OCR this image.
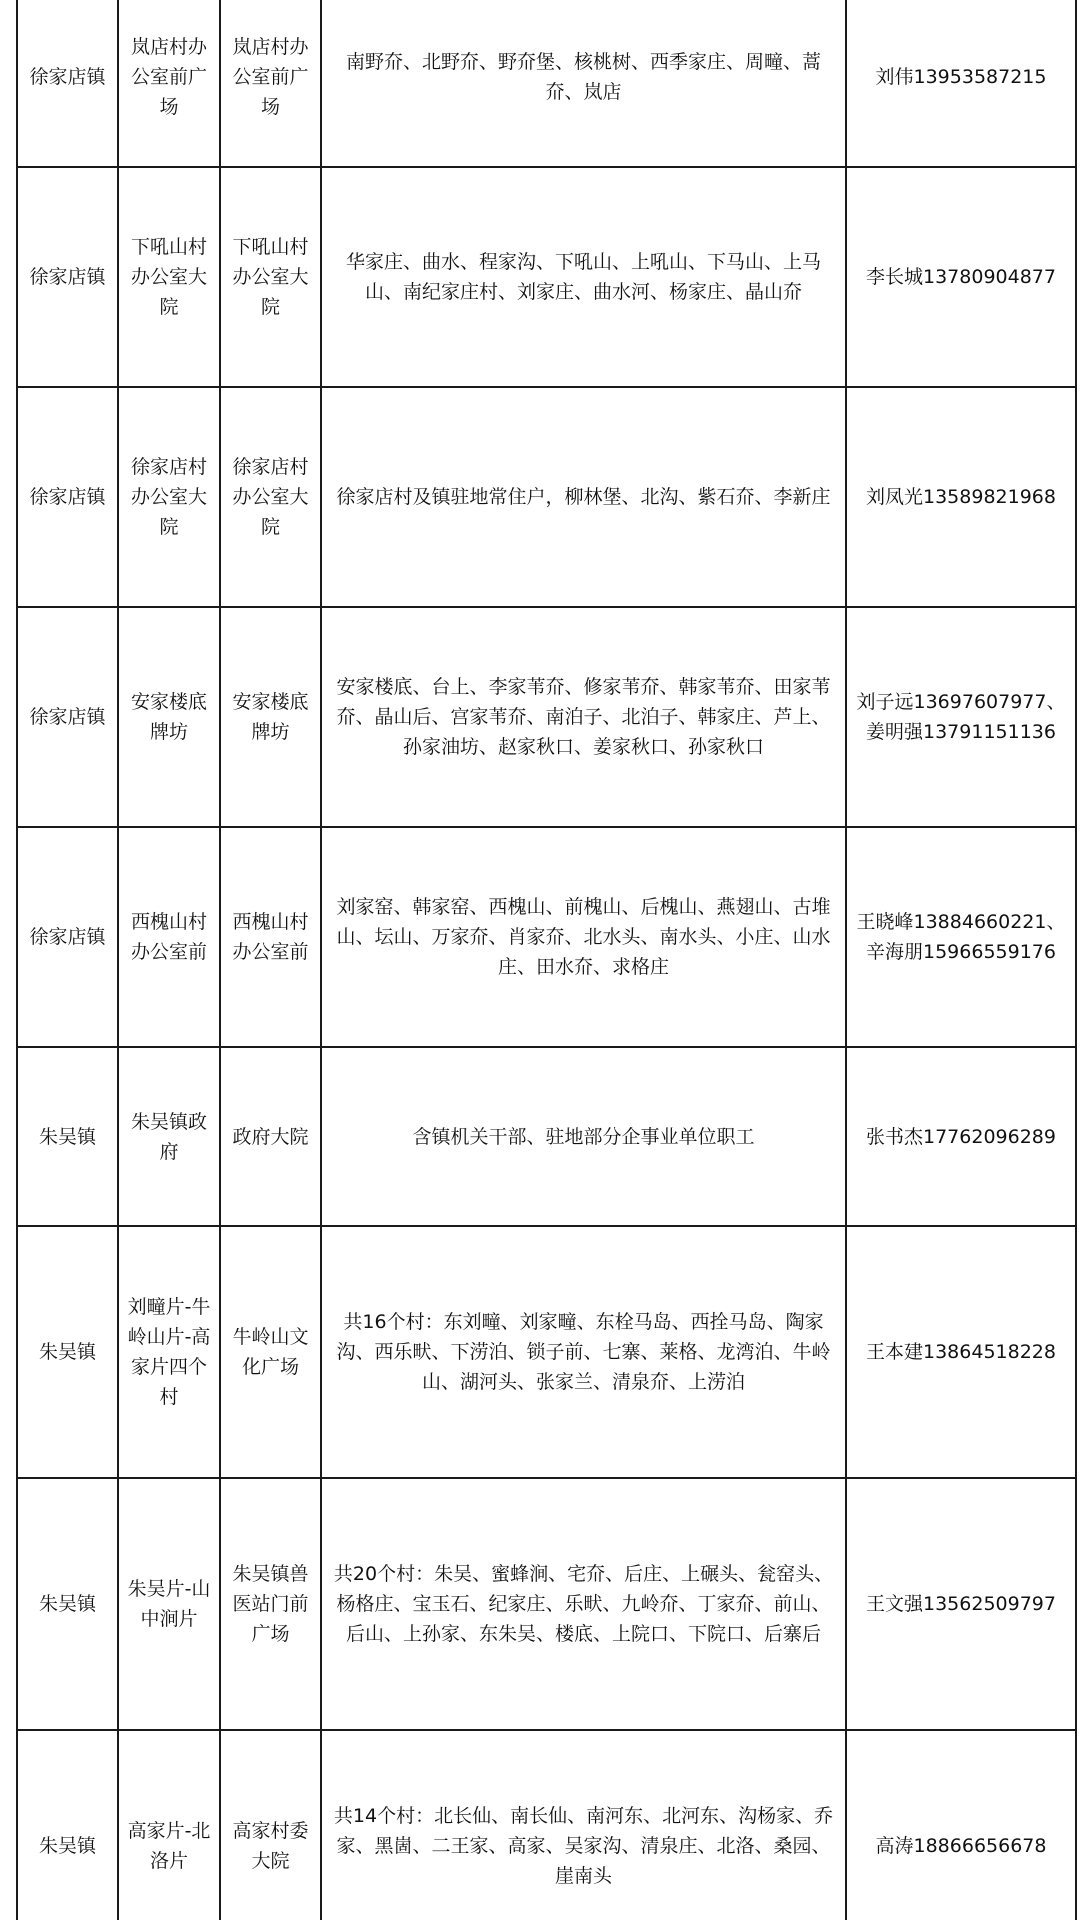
徐家店镇	岚店村办公室前广场	岚店村办公室前广场	南野夼、北野夼、野夼堡、核桃树、西季家庄、周疃、蒿夼、岚店	刘伟13953587215
徐家店镇	下吼山村办公室大院	下吼山村办公室大院	华家庄、曲水、程家沟、下吼山、上吼山、下马山、上马山、南纪家庄村、刘家庄、曲水河、杨家庄、晶山夼	李长城13780904877
徐家店镇	徐家店村办公室大院	徐家店村办公室大院	徐家店村及镇驻地常住户，柳林堡、北沟、紫石夼、李新庄	刘凤光13589821968
徐家店镇	安家楼底牌坊	安家楼底牌坊	安家楼底、台上、李家苇夼、修家苇夼、韩家苇夼、田家苇夼、晶山后、宫家苇夼、南泊子、北泊子、韩家庄、芦上、孙家油坊、赵家秋口、姜家秋口、孙家秋口	刘子远13697607977、姜明强13791151136
徐家店镇	西槐山村办公室前	西槐山村办公室前	刘家窑、韩家窑、西槐山、前槐山、后槐山、燕翅山、古堆山、坛山、万家夼、肖家夼、北水头、南水头、小庄、山水庄、田水夼、求格庄	王晓峰13884660221、辛海朋15966559176
朱吴镇	朱吴镇政府	政府大院	含镇机关干部、驻地部分企事业单位职工	张书杰17762096289
朱吴镇	刘疃片-牛岭山片-高家片四个村	牛岭山文化广场	共16个村：东刘疃、刘家疃、东栓马岛、西拴马岛、陶家沟、西乐畎、下涝泊、锁子前、七寨、莱格、龙湾泊、牛岭山、湖河头、张家兰、清泉夼、上涝泊	王本建13864518228
朱吴镇	朱吴片-山中涧片	朱吴镇兽医站门前广场	共20个村：朱吴、蜜蜂涧、宅夼、后庄、上碾头、瓮窑头、杨格庄、宝玉石、纪家庄、乐畎、九岭夼、丁家夼、前山、后山、上孙家、东朱吴、楼底、上院口、下院口、后寨后	王文强13562509797
朱吴镇	高家片-北洛片	高家村委大院	共14个村：北长仙、南长仙、南河东、北河东、沟杨家、乔家、黑崮、二王家、高家、吴家沟、清泉庄、北洛、桑园、崖南头	高涛18866656678
